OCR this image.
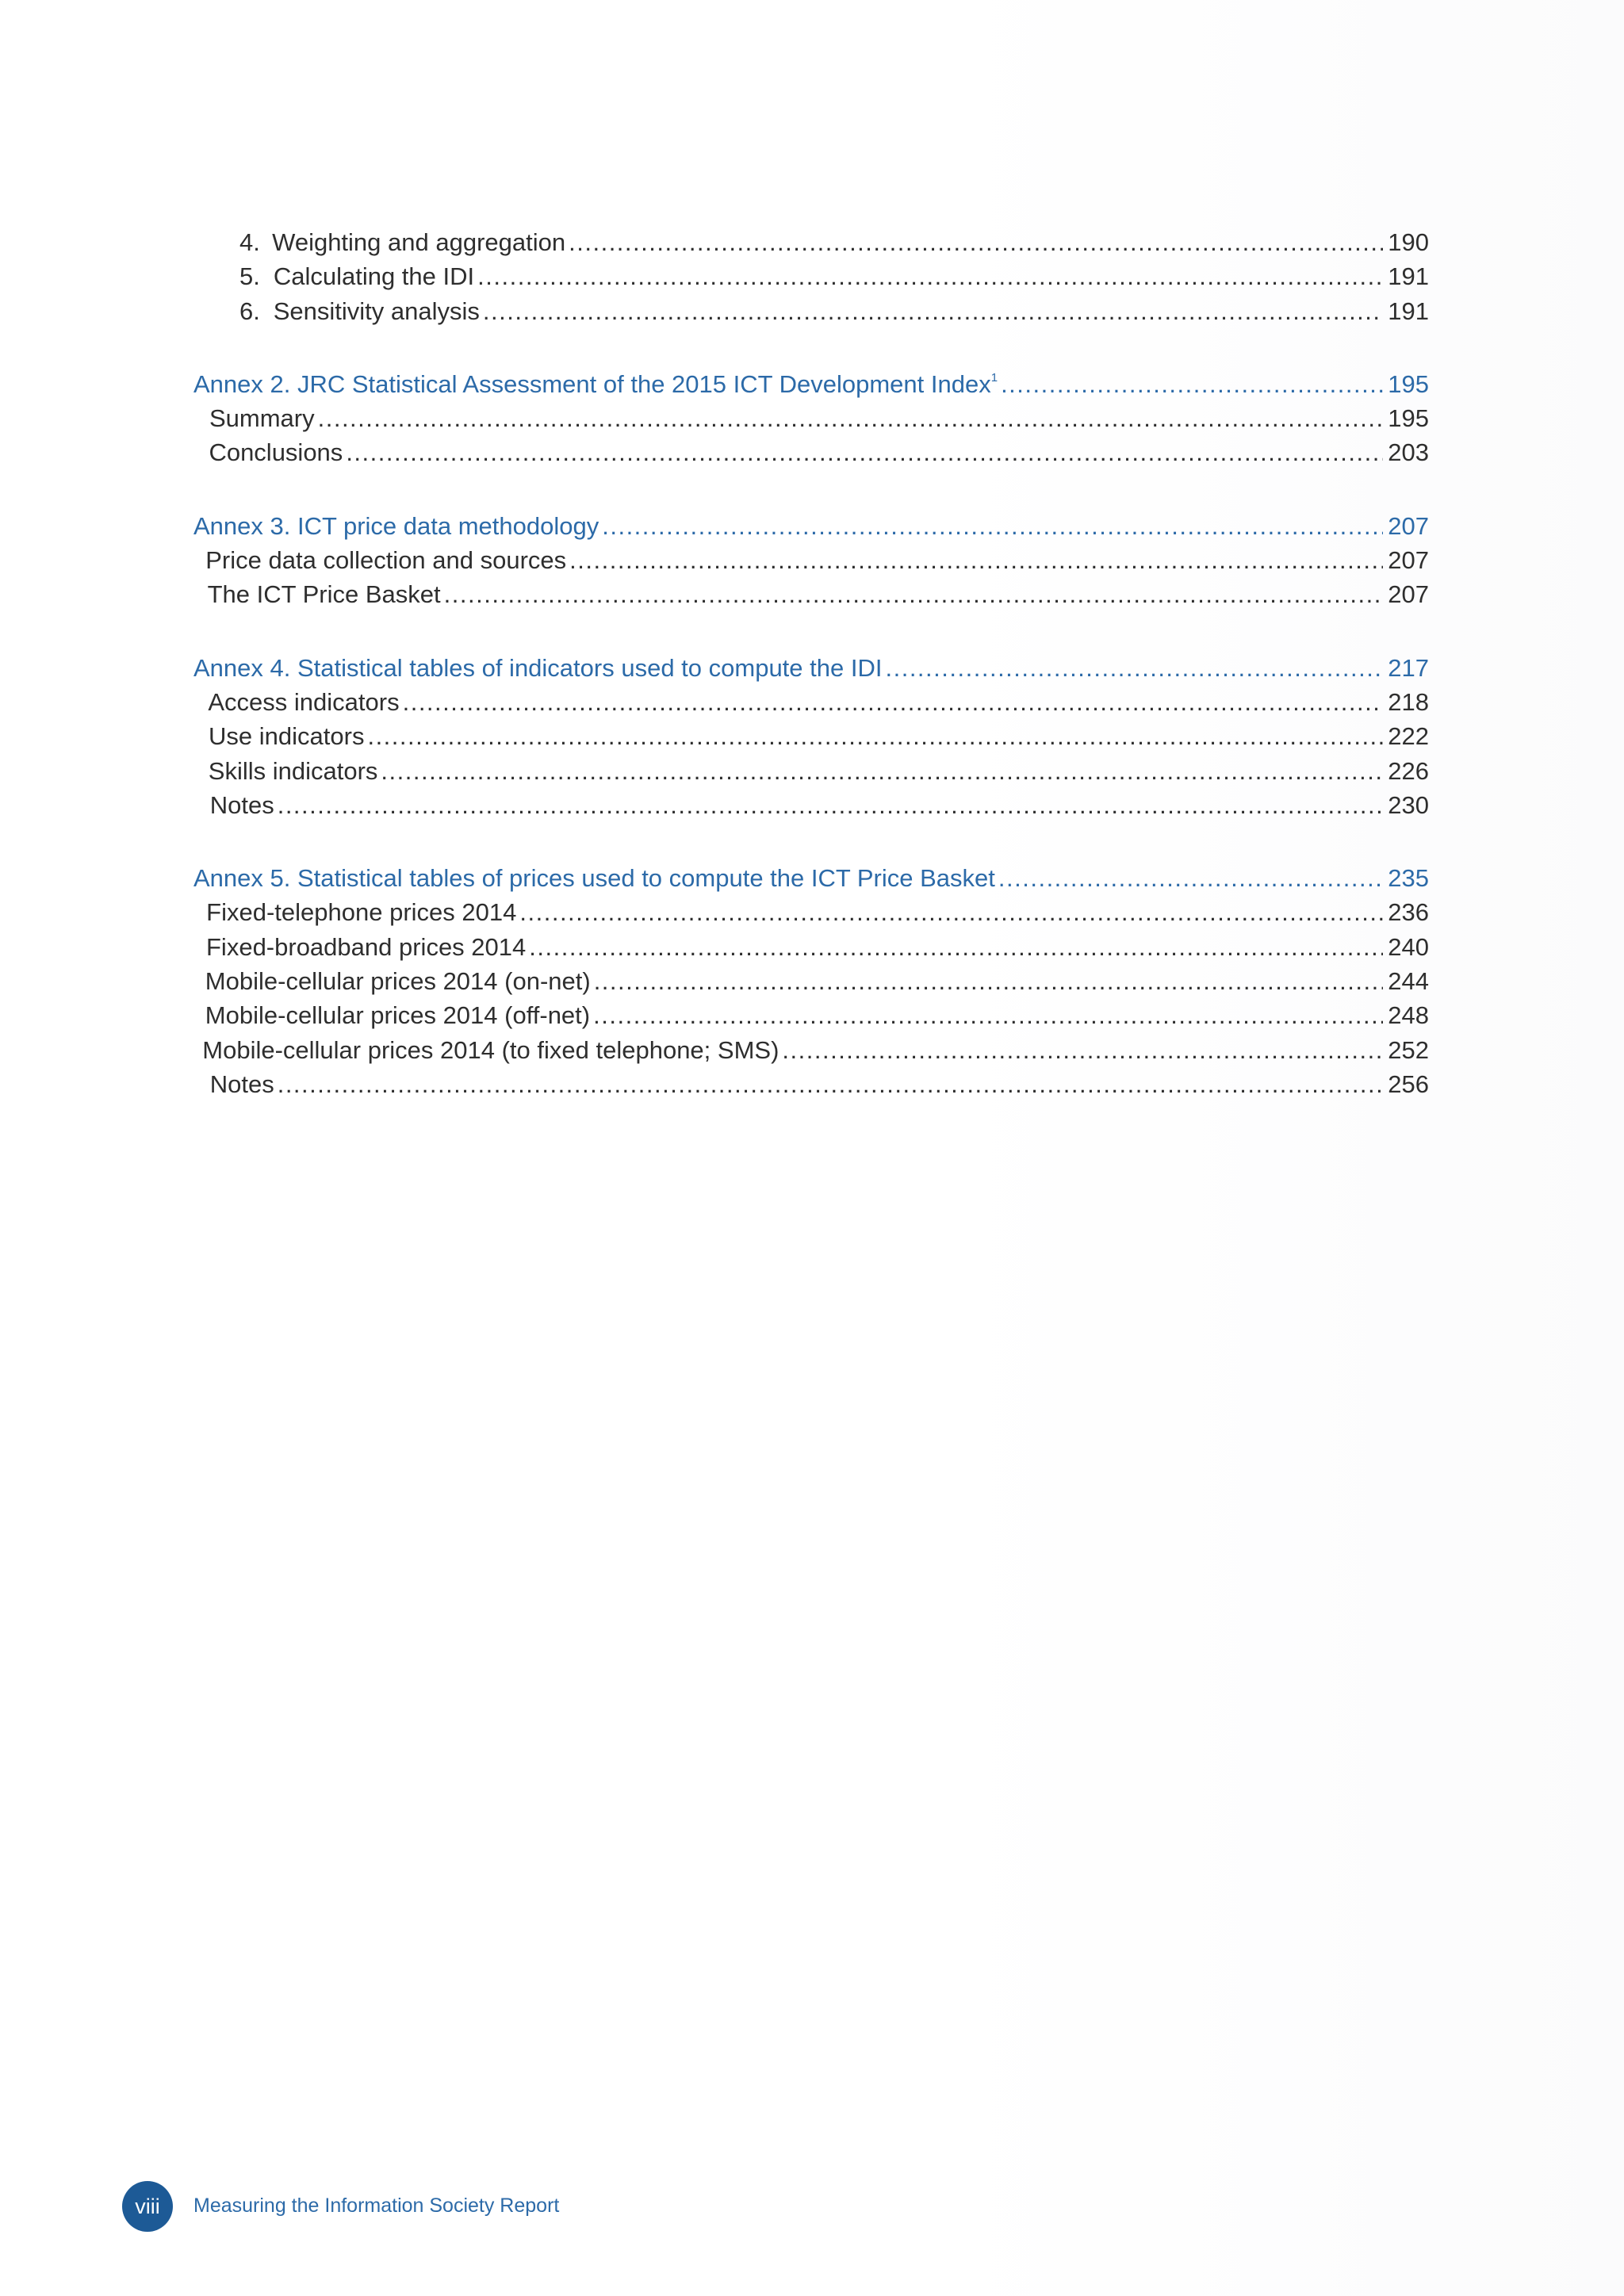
4. Weighting and aggregation .....	190
5. Calculating the IDI .....	191
6. Sensitivity analysis .....	191
Annex 2. JRC Statistical Assessment of the 2015 ICT Development Index$^1$ .....	195
Summary .....	195
Conclusions .....	203
Annex 3. ICT price data methodology .....	207
Price data collection and sources .....	207
The ICT Price Basket .....	207
Annex 4. Statistical tables of indicators used to compute the IDI .....	217
Access indicators .....	218
Use indicators .....	222
Skills indicators .....	226
Notes .....	230
Annex 5. Statistical tables of prices used to compute the ICT Price Basket .....	235
Fixed-telephone prices 2014 .....	236
Fixed-broadband prices 2014 .....	240
Mobile-cellular prices 2014 (on-net) .....	244
Mobile-cellular prices 2014 (off-net) .....	248
Mobile-cellular prices 2014 (to fixed telephone; SMS) .....	252
Notes .....	256
viii Measuring the Information Society Report
